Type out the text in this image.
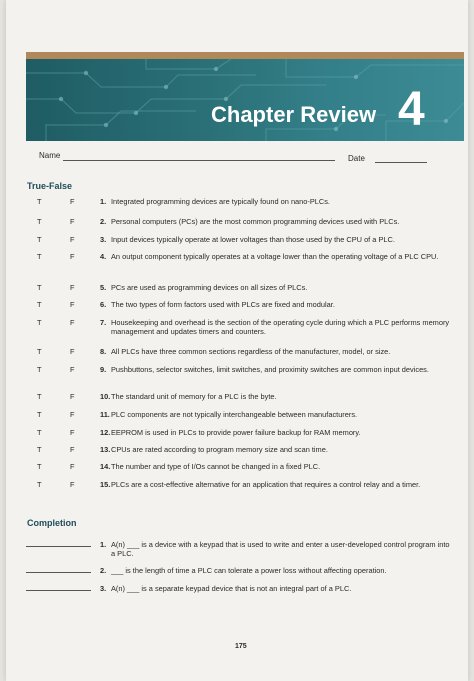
Chapter Review 4
Name	Date
True-False
T	F	1. Integrated programming devices are typically found on nano-PLCs.
T	F	2. Personal computers (PCs) are the most common programming devices used with PLCs.
T	F	3. Input devices typically operate at lower voltages than those used by the CPU of a PLC.
T	F	4. An output component typically operates at a voltage lower than the operating voltage of a PLC CPU.
T	F	5. PCs are used as programming devices on all sizes of PLCs.
T	F	6. The two types of form factors used with PLCs are fixed and modular.
T	F	7. Housekeeping and overhead is the section of the operating cycle during which a PLC performs memory management and updates timers and counters.
T	F	8. All PLCs have three common sections regardless of the manufacturer, model, or size.
T	F	9. Pushbuttons, selector switches, limit switches, and proximity switches are common input devices.
T	F	10. The standard unit of memory for a PLC is the byte.
T	F	11. PLC components are not typically interchangeable between manufacturers.
T	F	12. EEPROM is used in PLCs to provide power failure backup for RAM memory.
T	F	13. CPUs are rated according to program memory size and scan time.
T	F	14. The number and type of I/Os cannot be changed in a fixed PLC.
T	F	15. PLCs are a cost-effective alternative for an application that requires a control relay and a timer.
Completion
1. A(n) ___ is a device with a keypad that is used to write and enter a user-developed control program into a PLC.
2. ___ is the length of time a PLC can tolerate a power loss without affecting operation.
3. A(n) ___ is a separate keypad device that is not an integral part of a PLC.
175
